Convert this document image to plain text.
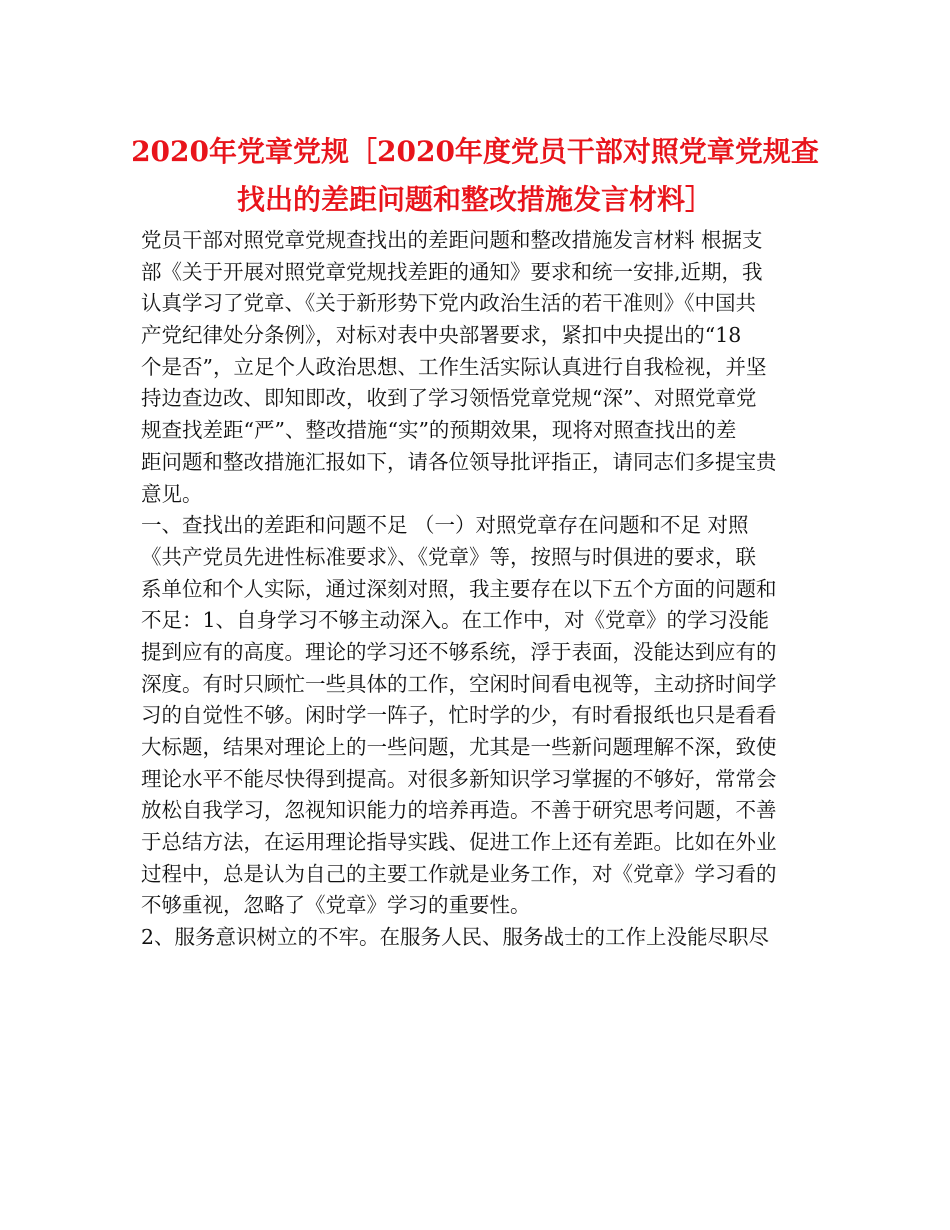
2020年党章党规［2020年度党员干部对照党章党规查
找出的差距问题和整改措施发言材料］
党员干部对照党章党规查找出的差距问题和整改措施发言材料 根据支
部《关于开展对照党章党规找差距的通知》要求和统一安排,近期，我
认真学习了党章、《关于新形势下党内政治生活的若干准则》《中国共
产党纪律处分条例》，对标对表中央部署要求，紧扣中央提出的“18
个是否”，立足个人政治思想、工作生活实际认真进行自我检视，并坚
持边查边改、即知即改，收到了学习领悟党章党规“深”、对照党章党
规查找差距“严”、整改措施“实”的预期效果，现将对照查找出的差
距问题和整改措施汇报如下，请各位领导批评指正，请同志们多提宝贵
意见。
一、查找出的差距和问题不足 （一）对照党章存在问题和不足 对照
《共产党员先进性标准要求》、《党章》等，按照与时俱进的要求，联
系单位和个人实际，通过深刻对照，我主要存在以下五个方面的问题和
不足：1、自身学习不够主动深入。在工作中，对《党章》的学习没能
提到应有的高度。理论的学习还不够系统，浮于表面，没能达到应有的
深度。有时只顾忙一些具体的工作，空闲时间看电视等，主动挤时间学
习的自觉性不够。闲时学一阵子，忙时学的少，有时看报纸也只是看看
大标题，结果对理论上的一些问题，尤其是一些新问题理解不深，致使
理论水平不能尽快得到提高。对很多新知识学习掌握的不够好，常常会
放松自我学习，忽视知识能力的培养再造。不善于研究思考问题，不善
于总结方法，在运用理论指导实践、促进工作上还有差距。比如在外业
过程中，总是认为自己的主要工作就是业务工作，对《党章》学习看的
不够重视，忽略了《党章》学习的重要性。
2、服务意识树立的不牢。在服务人民、服务战士的工作上没能尽职尽
